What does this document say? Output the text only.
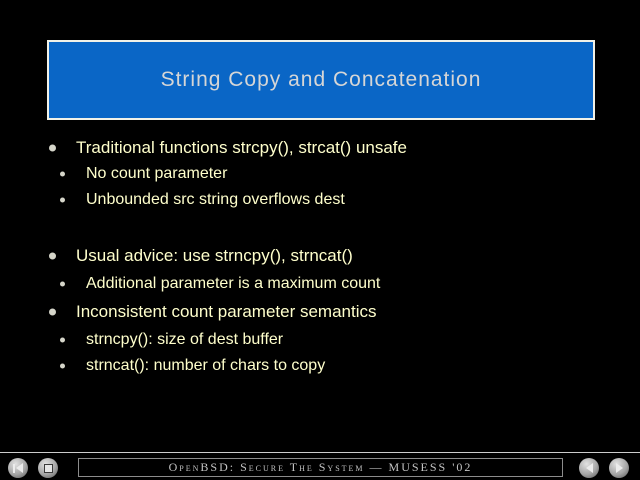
String Copy and Concatenation
Traditional functions strcpy(), strcat() unsafe
No count parameter
Unbounded src string overflows dest
Usual advice: use strncpy(), strncat()
Additional parameter is a maximum count
Inconsistent count parameter semantics
strncpy(): size of dest buffer
strncat(): number of chars to copy
OpenBSD: Secure The System — MUSESS '02
